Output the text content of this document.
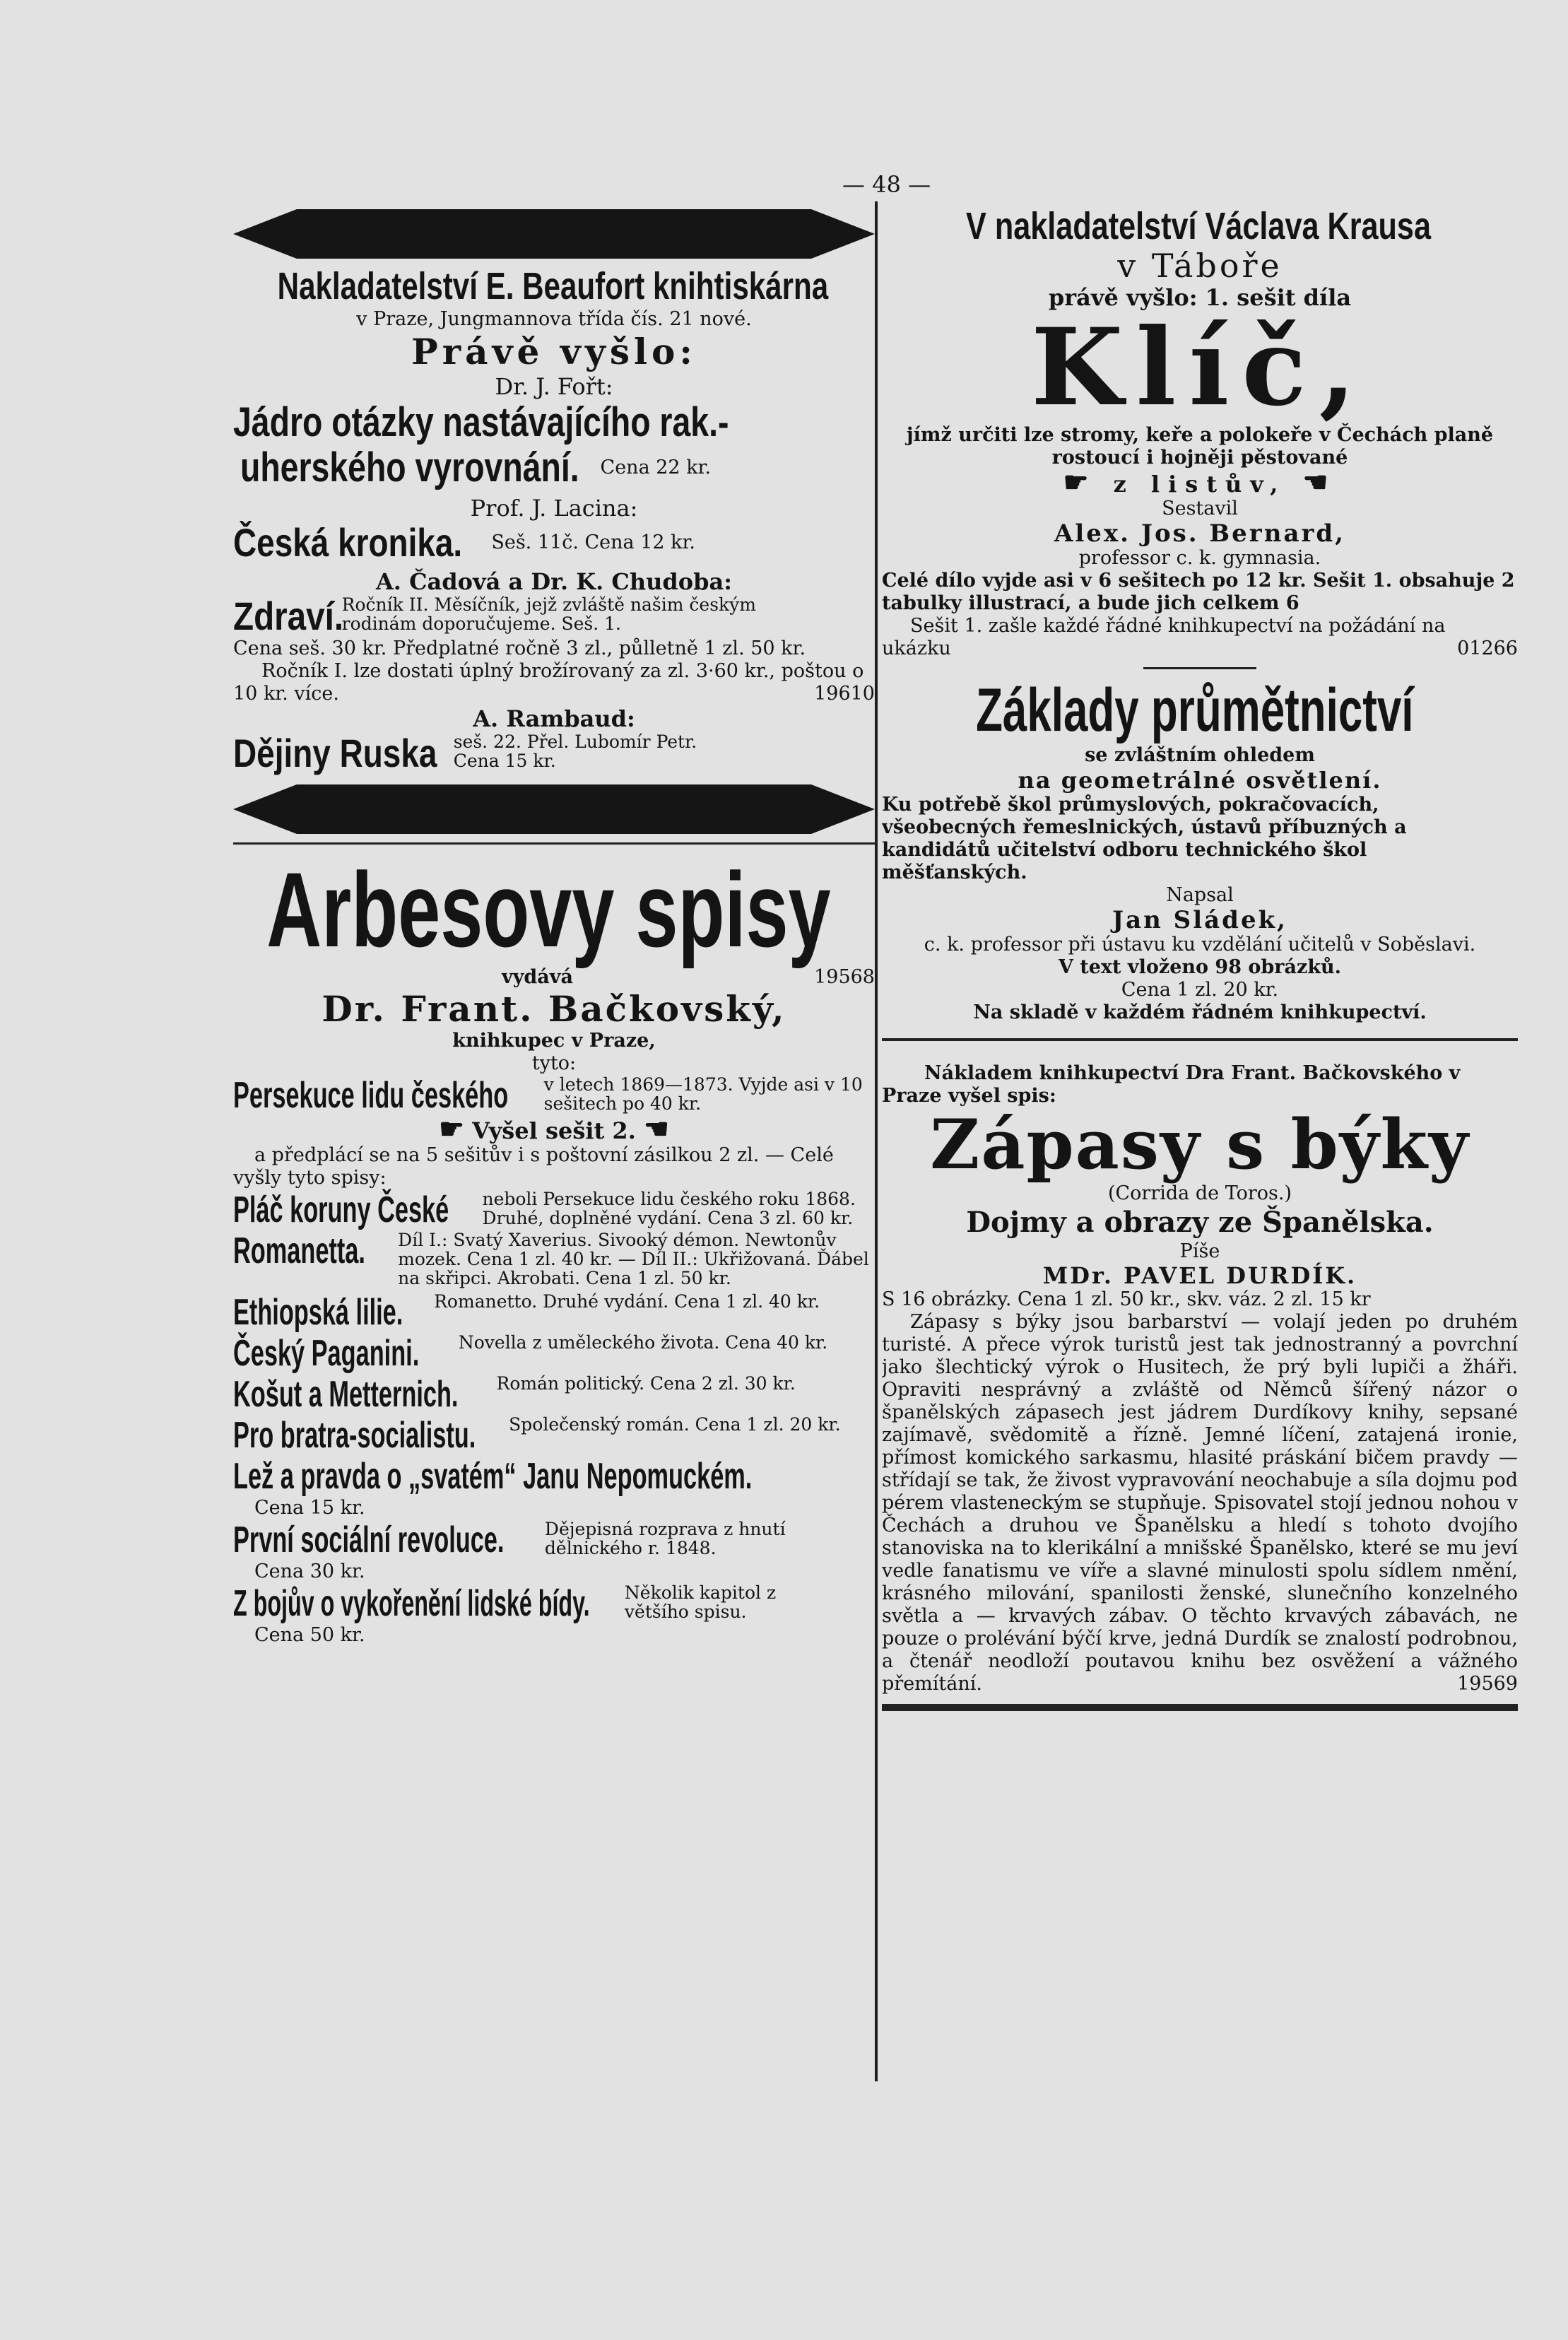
— 48 —
Nakladatelství E. Beaufort knihtiskárna

v Praze, Jungmannova třída čís. 21 nové.

Právě vyšlo:

Dr. J. Fořt:

Jádro otázky nastávajícího rak.-
uherského vyrovnání. Cena 22 kr.

Prof. J. Lacina:

Česká kronika. Seš. 11č. Cena 12 kr.

A. Čadová a Dr. K. Chudoba:

Zdraví.
Ročník II. Měsíčník, jejž zvláště našim českým rodinám doporučujeme. Seš. 1.

Cena seš. 30 kr. Předplatné ročně 3 zl., půlletně 1 zl. 50 kr.

Ročník I. lze dostati úplný brožírovaný za zl. 3·60 kr., poštou o 10 kr. více.	19610

A. Rambaud:

Dějiny Ruska seš. 22. Přel. Lubomír Petr.

Cena 15 kr.

Arbesovy spisy
vydává	19568

Dr. Frant. Bačkovský,

knihkupec v Praze,

tyto:

Persekuce lidu českého v letech 1869—1873. Vyjde asi v 10 sešitech po 40 kr.

☛ Vyšel sešit 2. ☚

a předplácí se na 5 sešitův i s poštovní zásilkou 2 zl. — Celé vyšly tyto spisy:

Pláč koruny České neboli Persekuce lidu českého roku 1868. Druhé, doplněné vydání. Cena 3 zl. 60 kr.
Romanetta. Díl I.: Svatý Xaverius. Sivooký démon. Newtonův mozek. Cena 1 zl. 40 kr. — Díl II.: Ukřižovaná. Ďábel na skřipci. Akrobati. Cena 1 zl. 50 kr.
Ethiopská lilie. Romanetto. Druhé vydání. Cena 1 zl. 40 kr.
Český Paganini. Novella z uměleckého života. Cena 40 kr.
Košut a Metternich. Román politický. Cena 2 zl. 30 kr.
Pro bratra-socialistu. Společenský román. Cena 1 zl. 20 kr.
Lež a pravda o „svatém“ Janu Nepomuckém.

Cena 15 kr.

První sociální revoluce. Dějepisná rozprava z hnutí dělnického r. 1848.

Cena 30 kr.

Z bojův o vykořenění lidské bídy. Několik kapitol z většího spisu.

Cena 50 kr.

V nakladatelství Václava Krausa

v Táboře

právě vyšlo: 1. sešit díla

Klíč,

jímž určiti lze stromy, keře a polokeře v Čechách planě rostoucí i hojněji pěstované

☛ z listův, ☚

Sestavil

Alex. Jos. Bernard,

professor c. k. gymnasia.

Celé dílo vyjde asi v 6 sešitech po 12 kr. Sešit 1. obsahuje 2 tabulky illustrací, a bude jich celkem 6

Sešit 1. zašle každé řádné knihkupectví na požádání na ukázku	01266

Základy průmětnictví

se zvláštním ohledem

na geometrálné osvětlení.

Ku potřebě škol průmyslových, pokračovacích, všeobecných řemeslnických, ústavů příbuzných a kandidátů učitelství odboru technického škol měšťanských.

Napsal

Jan Sládek,

c. k. professor při ústavu ku vzdělání učitelů v Soběslavi.

V text vloženo 98 obrázků.

Cena 1 zl. 20 kr.

Na skladě v každém řádném knihkupectví.

Nákladem knihkupectví Dra Frant. Bačkovského v Praze vyšel spis:

Zápasy s býky

(Corrida de Toros.)

Dojmy a obrazy ze Španělska.

Píše

MDr. PAVEL DURDÍK.

S 16 obrázky. Cena 1 zl. 50 kr., skv. váz. 2 zl. 15 kr

Zápasy s býky jsou barbarství — volají jeden po druhém turisté. A přece výrok turistů jest tak jednostranný a povrchní jako šlechtický výrok o Husitech, že prý byli lupiči a žháři. Opraviti nesprávný a zvláště od Němců šířený názor o španělských zápasech jest jádrem Durdíkovy knihy, sepsané zajímavě, svědomitě a řízně. Jemné líčení, zatajená ironie, přímost komického sarkasmu, hlasité práskání bičem pravdy — střídají se tak, že živost vypravování neochabuje a síla dojmu pod pérem vlasteneckým se stupňuje. Spisovatel stojí jednou nohou v Čechách a druhou ve Španělsku a hledí s tohoto dvojího stanoviska na to klerikální a mnišské Španělsko, které se mu jeví vedle fanatismu ve víře a slavné minulosti spolu sídlem nmění, krásného milování, spanilosti ženské, slunečního konzelného světla a — krvavých zábav. O těchto krvavých zábavách, ne pouze o prolévání býčí krve, jedná Durdík se znalostí podrobnou, a čtenář neodloží poutavou knihu bez osvěžení a vážného přemítání.	19569
